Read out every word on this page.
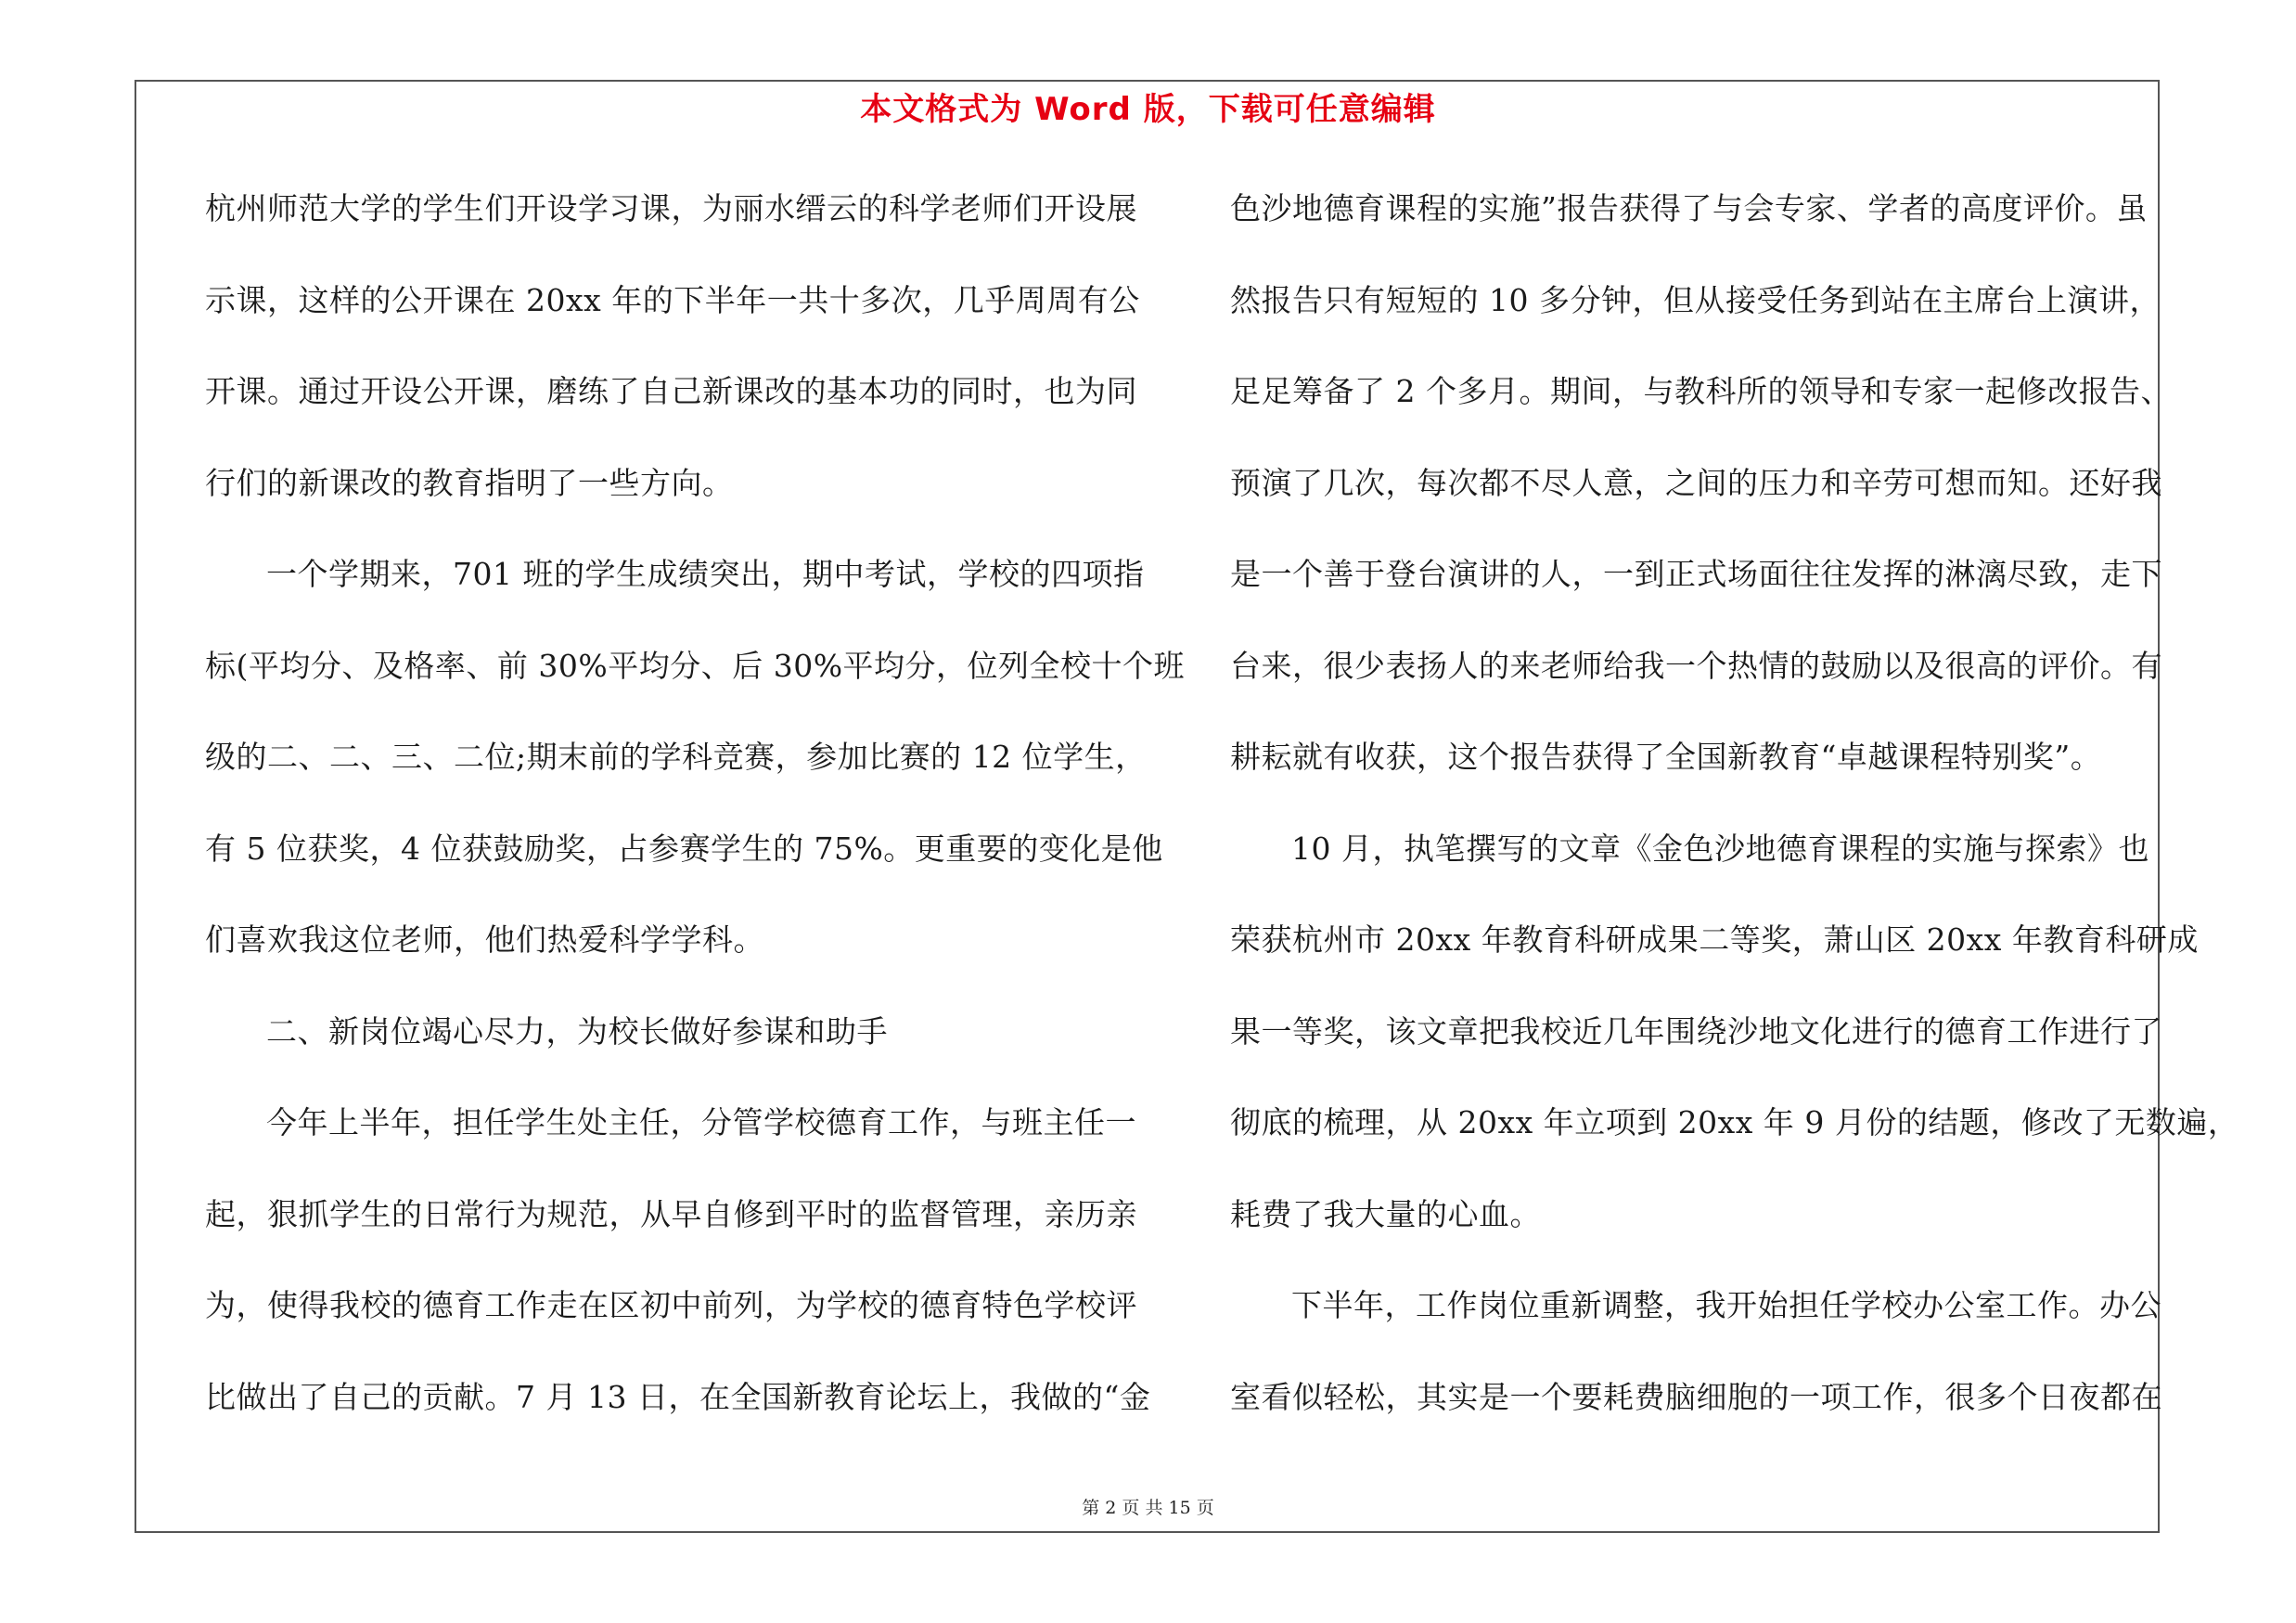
本文格式为 Word 版，下载可任意编辑
杭州师范大学的学生们开设学习课，为丽水缙云的科学老师们开设展
示课，这样的公开课在 20xx 年的下半年一共十多次，几乎周周有公
开课。通过开设公开课，磨练了自己新课改的基本功的同时，也为同
行们的新课改的教育指明了一些方向。
一个学期来，701 班的学生成绩突出，期中考试，学校的四项指
标(平均分、及格率、前 30%平均分、后 30%平均分，位列全校十个班
级的二、二、三、二位;期末前的学科竞赛，参加比赛的 12 位学生，
有 5 位获奖，4 位获鼓励奖，占参赛学生的 75%。更重要的变化是他
们喜欢我这位老师，他们热爱科学学科。
二、新岗位竭心尽力，为校长做好参谋和助手
今年上半年，担任学生处主任，分管学校德育工作，与班主任一
起，狠抓学生的日常行为规范，从早自修到平时的监督管理，亲历亲
为，使得我校的德育工作走在区初中前列，为学校的德育特色学校评
比做出了自己的贡献。7 月 13 日，在全国新教育论坛上，我做的“金
色沙地德育课程的实施”报告获得了与会专家、学者的高度评价。虽
然报告只有短短的 10 多分钟，但从接受任务到站在主席台上演讲，
足足筹备了 2 个多月。期间，与教科所的领导和专家一起修改报告、
预演了几次，每次都不尽人意，之间的压力和辛劳可想而知。还好我
是一个善于登台演讲的人，一到正式场面往往发挥的淋漓尽致，走下
台来，很少表扬人的来老师给我一个热情的鼓励以及很高的评价。有
耕耘就有收获，这个报告获得了全国新教育“卓越课程特别奖”。
10 月，执笔撰写的文章《金色沙地德育课程的实施与探索》也
荣获杭州市 20xx 年教育科研成果二等奖，萧山区 20xx 年教育科研成
果一等奖，该文章把我校近几年围绕沙地文化进行的德育工作进行了
彻底的梳理，从 20xx 年立项到 20xx 年 9 月份的结题，修改了无数遍，
耗费了我大量的心血。
下半年，工作岗位重新调整，我开始担任学校办公室工作。办公
室看似轻松，其实是一个要耗费脑细胞的一项工作，很多个日夜都在
第 2 页 共 15 页
